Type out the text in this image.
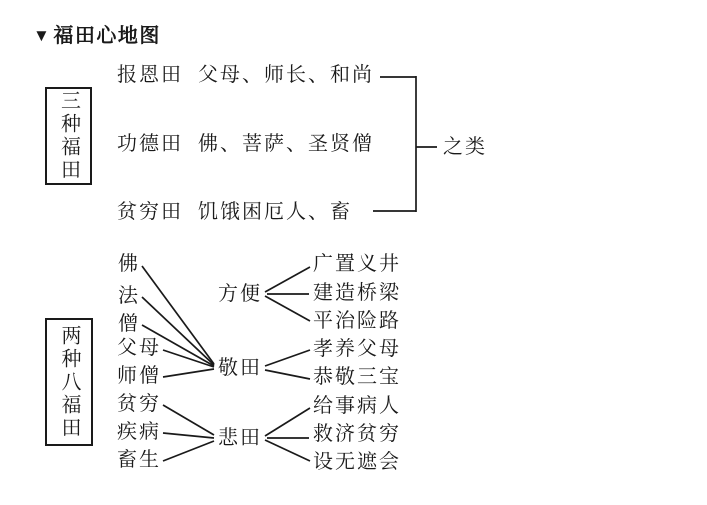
▼ 福田心地图
三种福田
报恩田 父母、师长、和尚
功德田 佛、菩萨、圣贤僧
贫穷田 饥饿困厄人、畜
之类
两种八福田
佛
法
僧
父母
师僧
贫穷
疾病
畜生
方便
敬田
悲田
广置义井
建造桥梁
平治险路
孝养父母
恭敬三宝
给事病人
救济贫穷
设无遮会
